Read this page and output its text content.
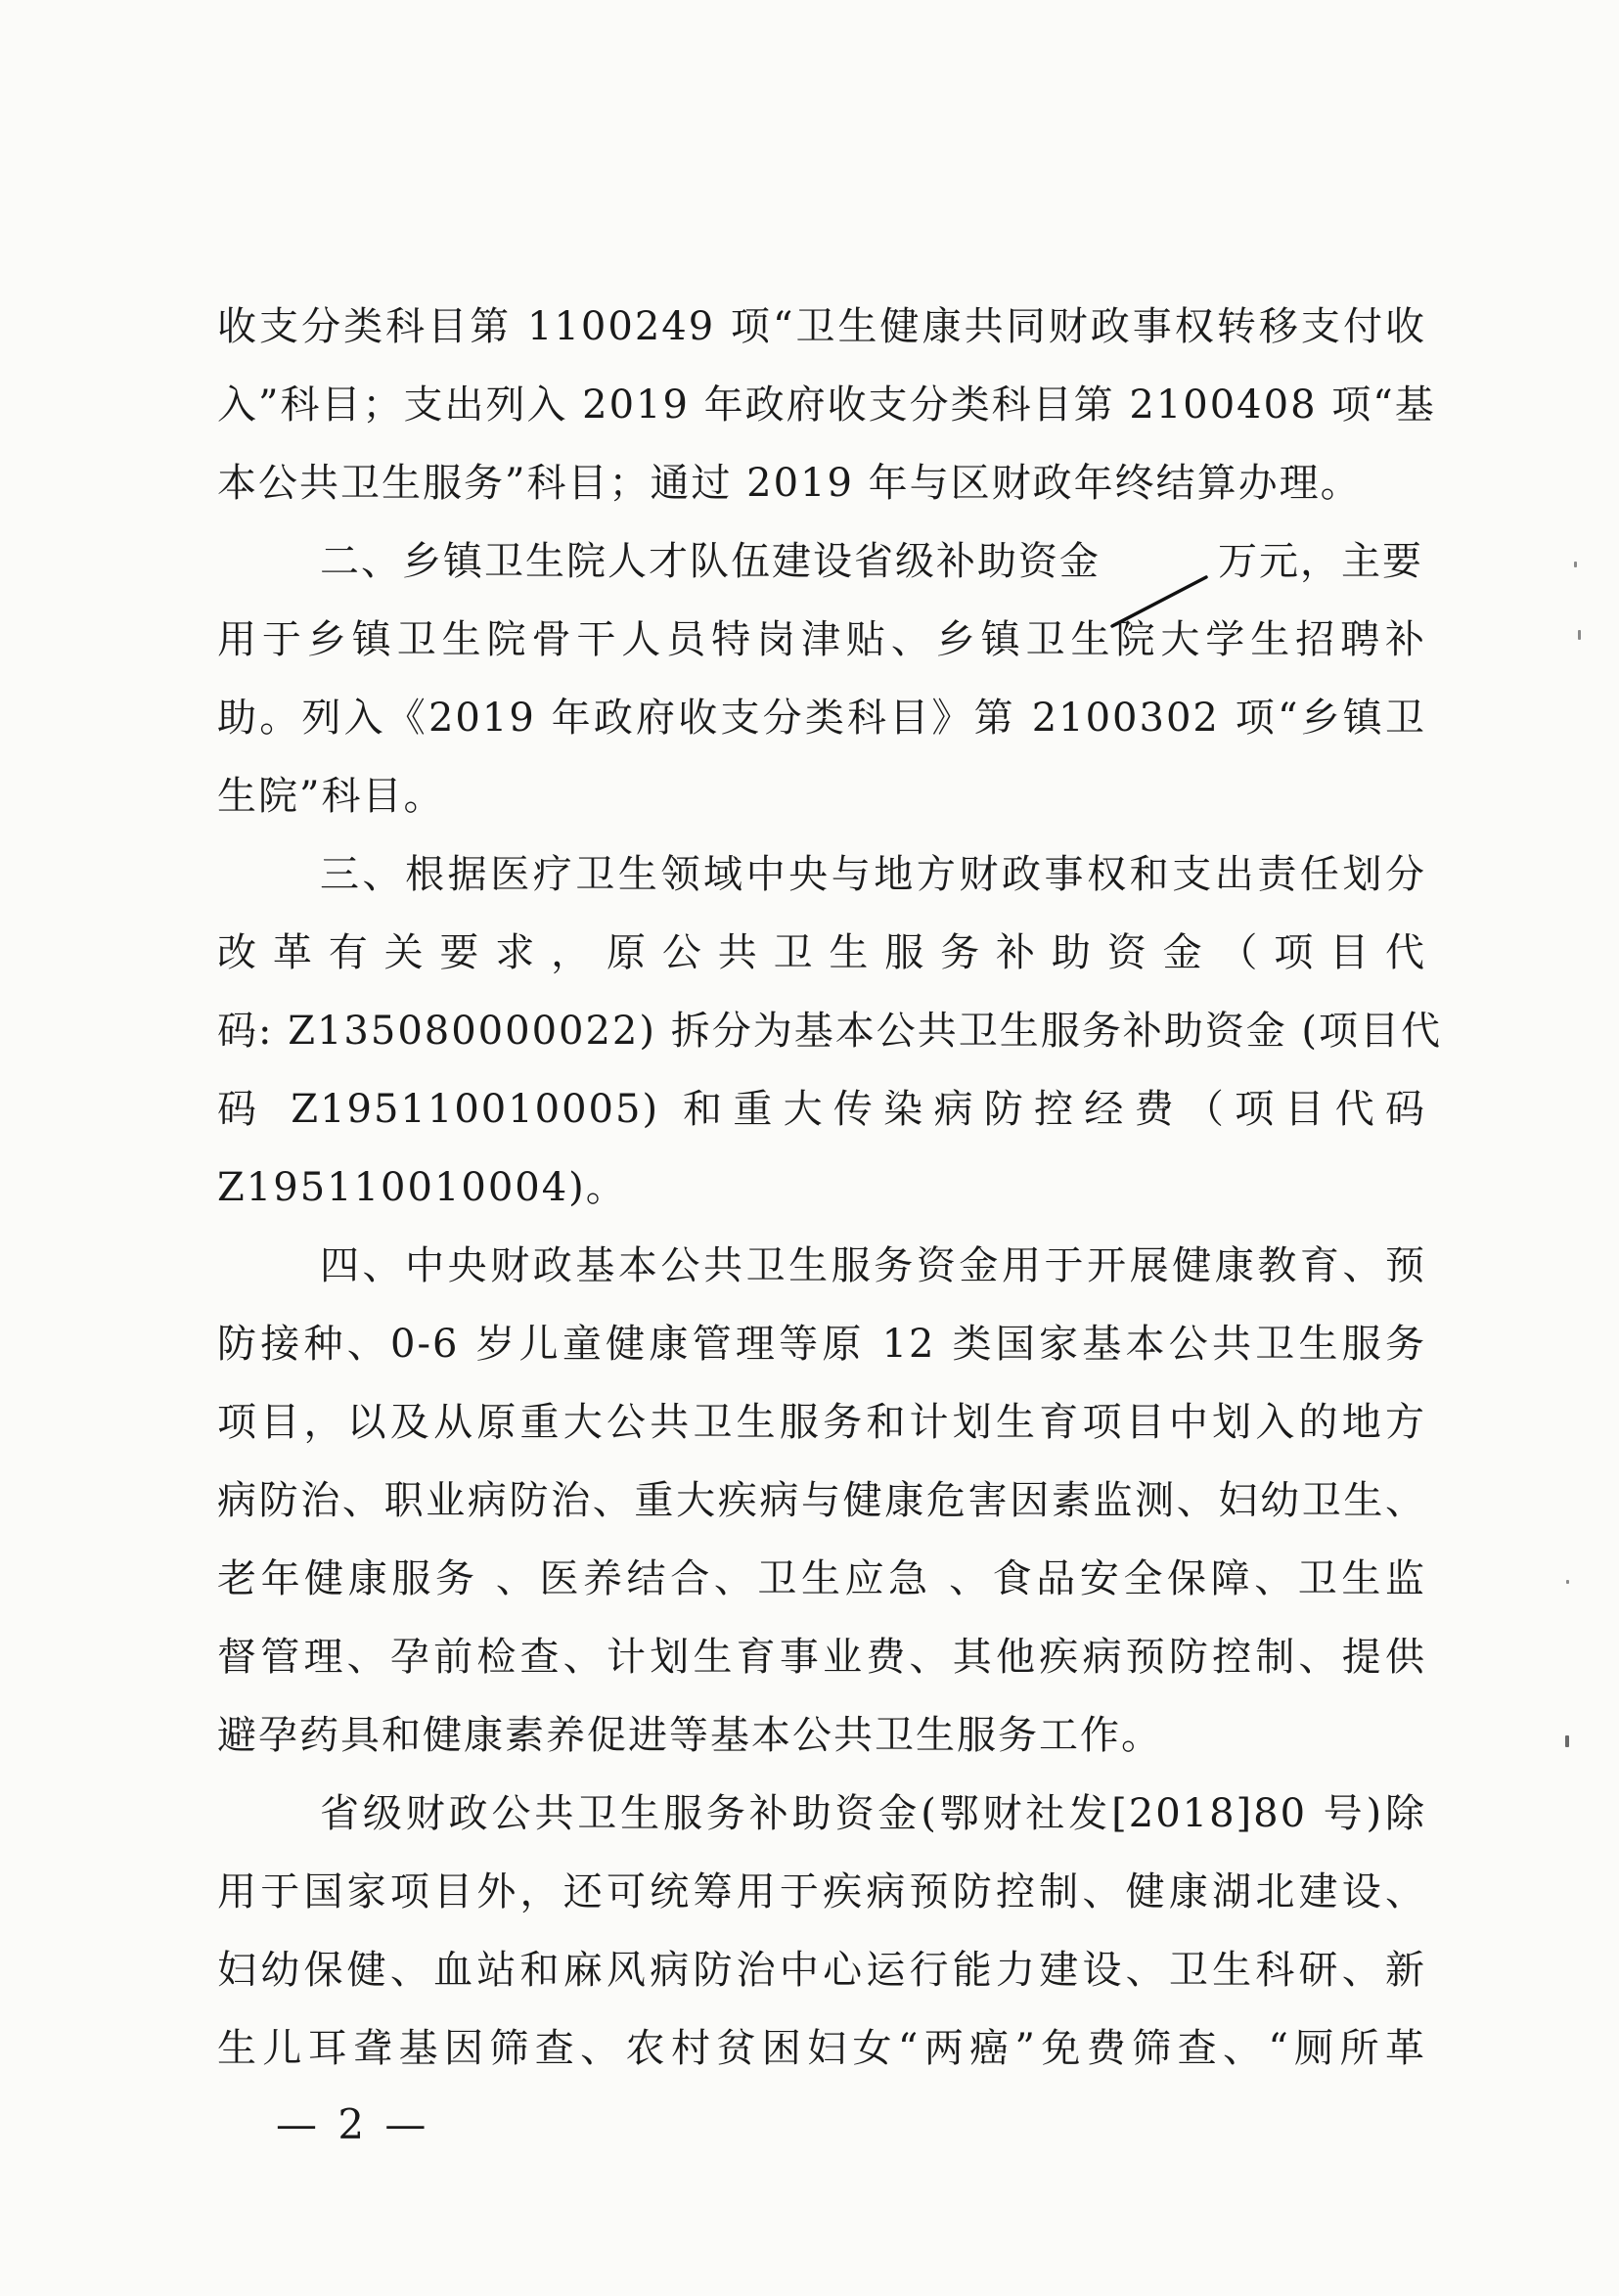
收支分类科目第 1100249 项“卫生健康共同财政事权转移支付收
入”科目；支出列入 2019 年政府收支分类科目第 2100408 项“基
本公共卫生服务”科目；通过 2019 年与区财政年终结算办理。
二、乡镇卫生院人才队伍建设省级补助资金	万元，主要
用于乡镇卫生院骨干人员特岗津贴、乡镇卫生院大学生招聘补
助。列入《2019 年政府收支分类科目》第 2100302 项“乡镇卫
生院”科目。
三、根据医疗卫生领域中央与地方财政事权和支出责任划分
改革有关要求，原公共卫生服务补助资金（项目代
码: Z135080000022) 拆分为基本公共卫生服务补助资金 (项目代
码 Z195110010005) 和重大传染病防控经费（项目代码
Z195110010004)。
四、中央财政基本公共卫生服务资金用于开展健康教育、预
防接种、0-6 岁儿童健康管理等原 12 类国家基本公共卫生服务
项目，以及从原重大公共卫生服务和计划生育项目中划入的地方
病防治、职业病防治、重大疾病与健康危害因素监测、妇幼卫生、
老年健康服务 、医养结合、卫生应急 、食品安全保障、卫生监
督管理、孕前检查、计划生育事业费、其他疾病预防控制、提供
避孕药具和健康素养促进等基本公共卫生服务工作。
省级财政公共卫生服务补助资金(鄂财社发[2018]80 号)除
用于国家项目外，还可统筹用于疾病预防控制、健康湖北建设、
妇幼保健、血站和麻风病防治中心运行能力建设、卫生科研、新
生儿耳聋基因筛查、农村贫困妇女“两癌”免费筛查、“厕所革
— 2 —
